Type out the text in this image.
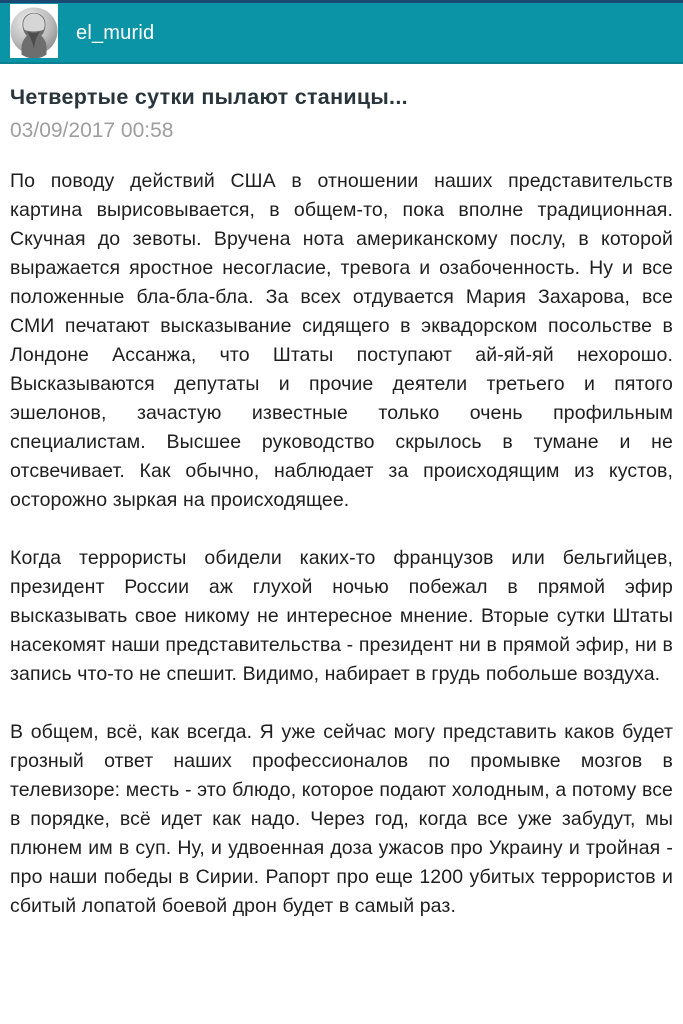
el_murid
Четвертые сутки пылают станицы...
03/09/2017 00:58

По поводу действий США в отношении наших представительств картина вырисовывается, в общем-то, пока вполне традиционная. Скучная до зевоты. Вручена нота американскому послу, в которой выражается яростное несогласие, тревога и озабоченность. Ну и все положенные бла-бла-бла. За всех отдувается Мария Захарова, все СМИ печатают высказывание сидящего в эквадорском посольстве в Лондоне Ассанжа, что Штаты поступают ай-яй-яй нехорошо. Высказываются депутаты и прочие деятели третьего и пятого эшелонов, зачастую известные только очень профильным специалистам. Высшее руководство скрылось в тумане и не отсвечивает. Как обычно, наблюдает за происходящим из кустов, осторожно зыркая на происходящее.

Когда террористы обидели каких-то французов или бельгийцев, президент России аж глухой ночью побежал в прямой эфир высказывать свое никому не интересное мнение. Вторые сутки Штаты насекомят наши представительства - президент ни в прямой эфир, ни в запись что-то не спешит. Видимо, набирает в грудь побольше воздуха.

В общем, всё, как всегда. Я уже сейчас могу представить каков будет грозный ответ наших профессионалов по промывке мозгов в телевизоре: месть - это блюдо, которое подают холодным, а потому все в порядке, всё идет как надо. Через год, когда все уже забудут, мы плюнем им в суп. Ну, и удвоенная доза ужасов про Украину и тройная - про наши победы в Сирии. Рапорт про еще 1200 убитых террористов и сбитый лопатой боевой дрон будет в самый раз.
